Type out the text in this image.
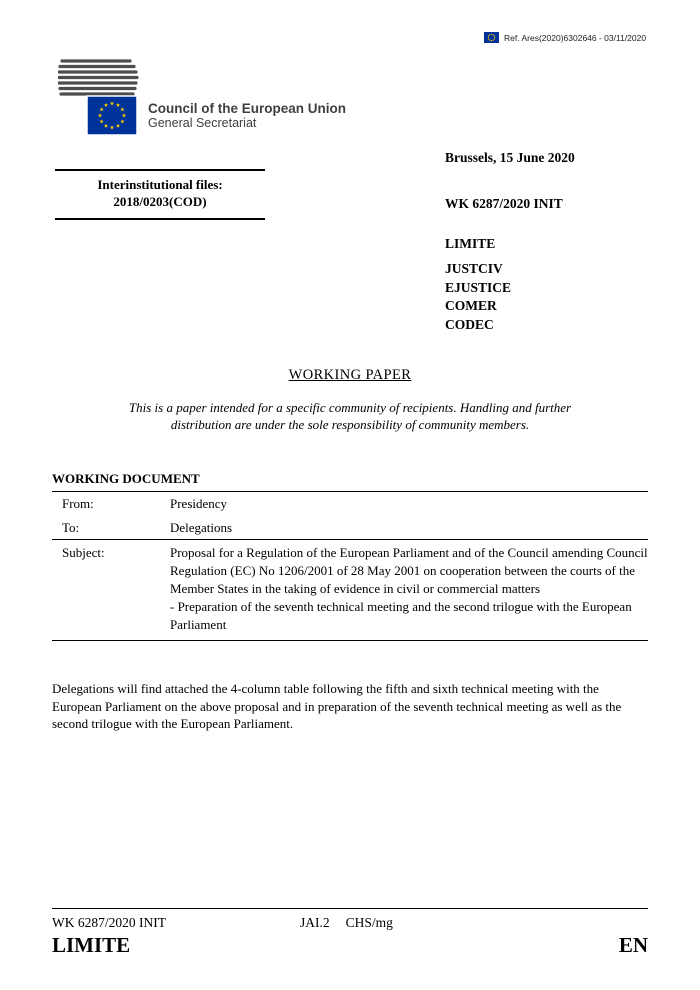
Ref. Ares(2020)6302646 - 03/11/2020
Council of the European Union
General Secretariat
Brussels, 15 June 2020
Interinstitutional files:
2018/0203(COD)	WK 6287/2020 INIT
LIMITE
JUSTCIV
EJUSTICE
COMER
CODEC
WORKING PAPER
This is a paper intended for a specific community of recipients. Handling and further distribution are under the sole responsibility of community members.
WORKING DOCUMENT
From:	Presidency
To:	Delegations
Subject:	Proposal for a Regulation of the European Parliament and of the Council amending Council Regulation (EC) No 1206/2001 of 28 May 2001 on cooperation between the courts of the Member States in the taking of evidence in civil or commercial matters
- Preparation of the seventh technical meeting and the second trilogue with the European Parliament
Delegations will find attached the 4-column table following the fifth and sixth technical meeting with the European Parliament on the above proposal and in preparation of the seventh technical meeting as well as the second trilogue with the European Parliament.
WK 6287/2020 INIT	JAI.2 CHS/mg
LIMITE	EN
